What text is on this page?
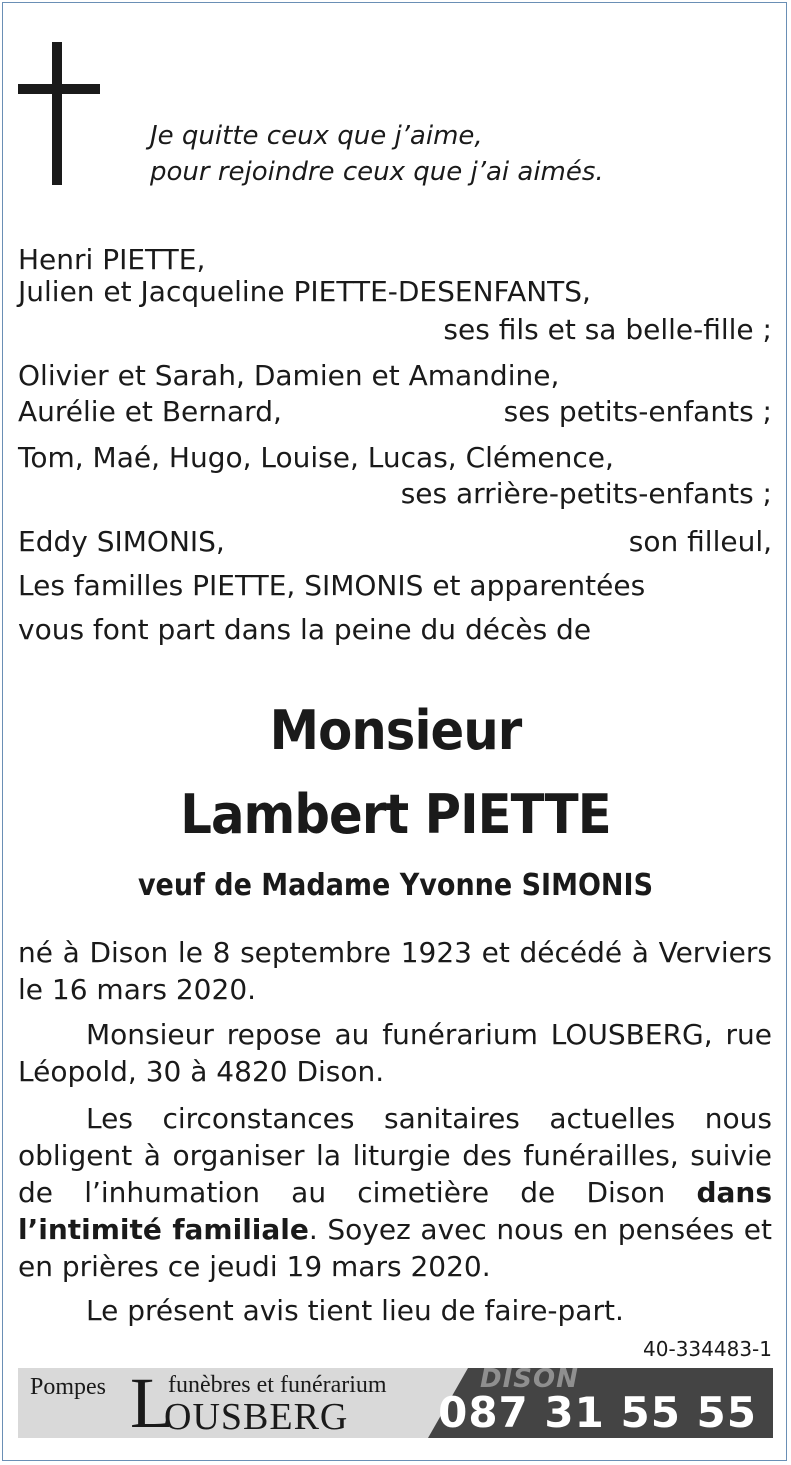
Je quitte ceux que j’aime,
pour rejoindre ceux que j’ai aimés.
Henri PIETTE,
Julien et Jacqueline PIETTE-DESENFANTS,
ses fils et sa belle-fille ;
Olivier et Sarah, Damien et Amandine,
Aurélie et Bernard,	ses petits-enfants ;
Tom, Maé, Hugo, Louise, Lucas, Clémence,
ses arrière-petits-enfants ;
Eddy SIMONIS,	son filleul,
Les familles PIETTE, SIMONIS et apparentées
vous font part dans la peine du décès de
Monsieur
Lambert PIETTE
veuf de Madame Yvonne SIMONIS
né à Dison le 8 septembre 1923 et décédé à Verviers le 16 mars 2020.
Monsieur repose au funérarium LOUSBERG, rue Léopold, 30 à 4820 Dison.
Les circonstances sanitaires actuelles nous obligent à organiser la liturgie des funérailles, suivie de l’inhumation au cimetière de Dison dans l’intimité familiale. Soyez avec nous en pensées et en prières ce jeudi 19 mars 2020.
Le présent avis tient lieu de faire-part.
40-334483-1
Pompes L
funèbres et funérarium
OUSBERG
DISON
087 31 55 55
